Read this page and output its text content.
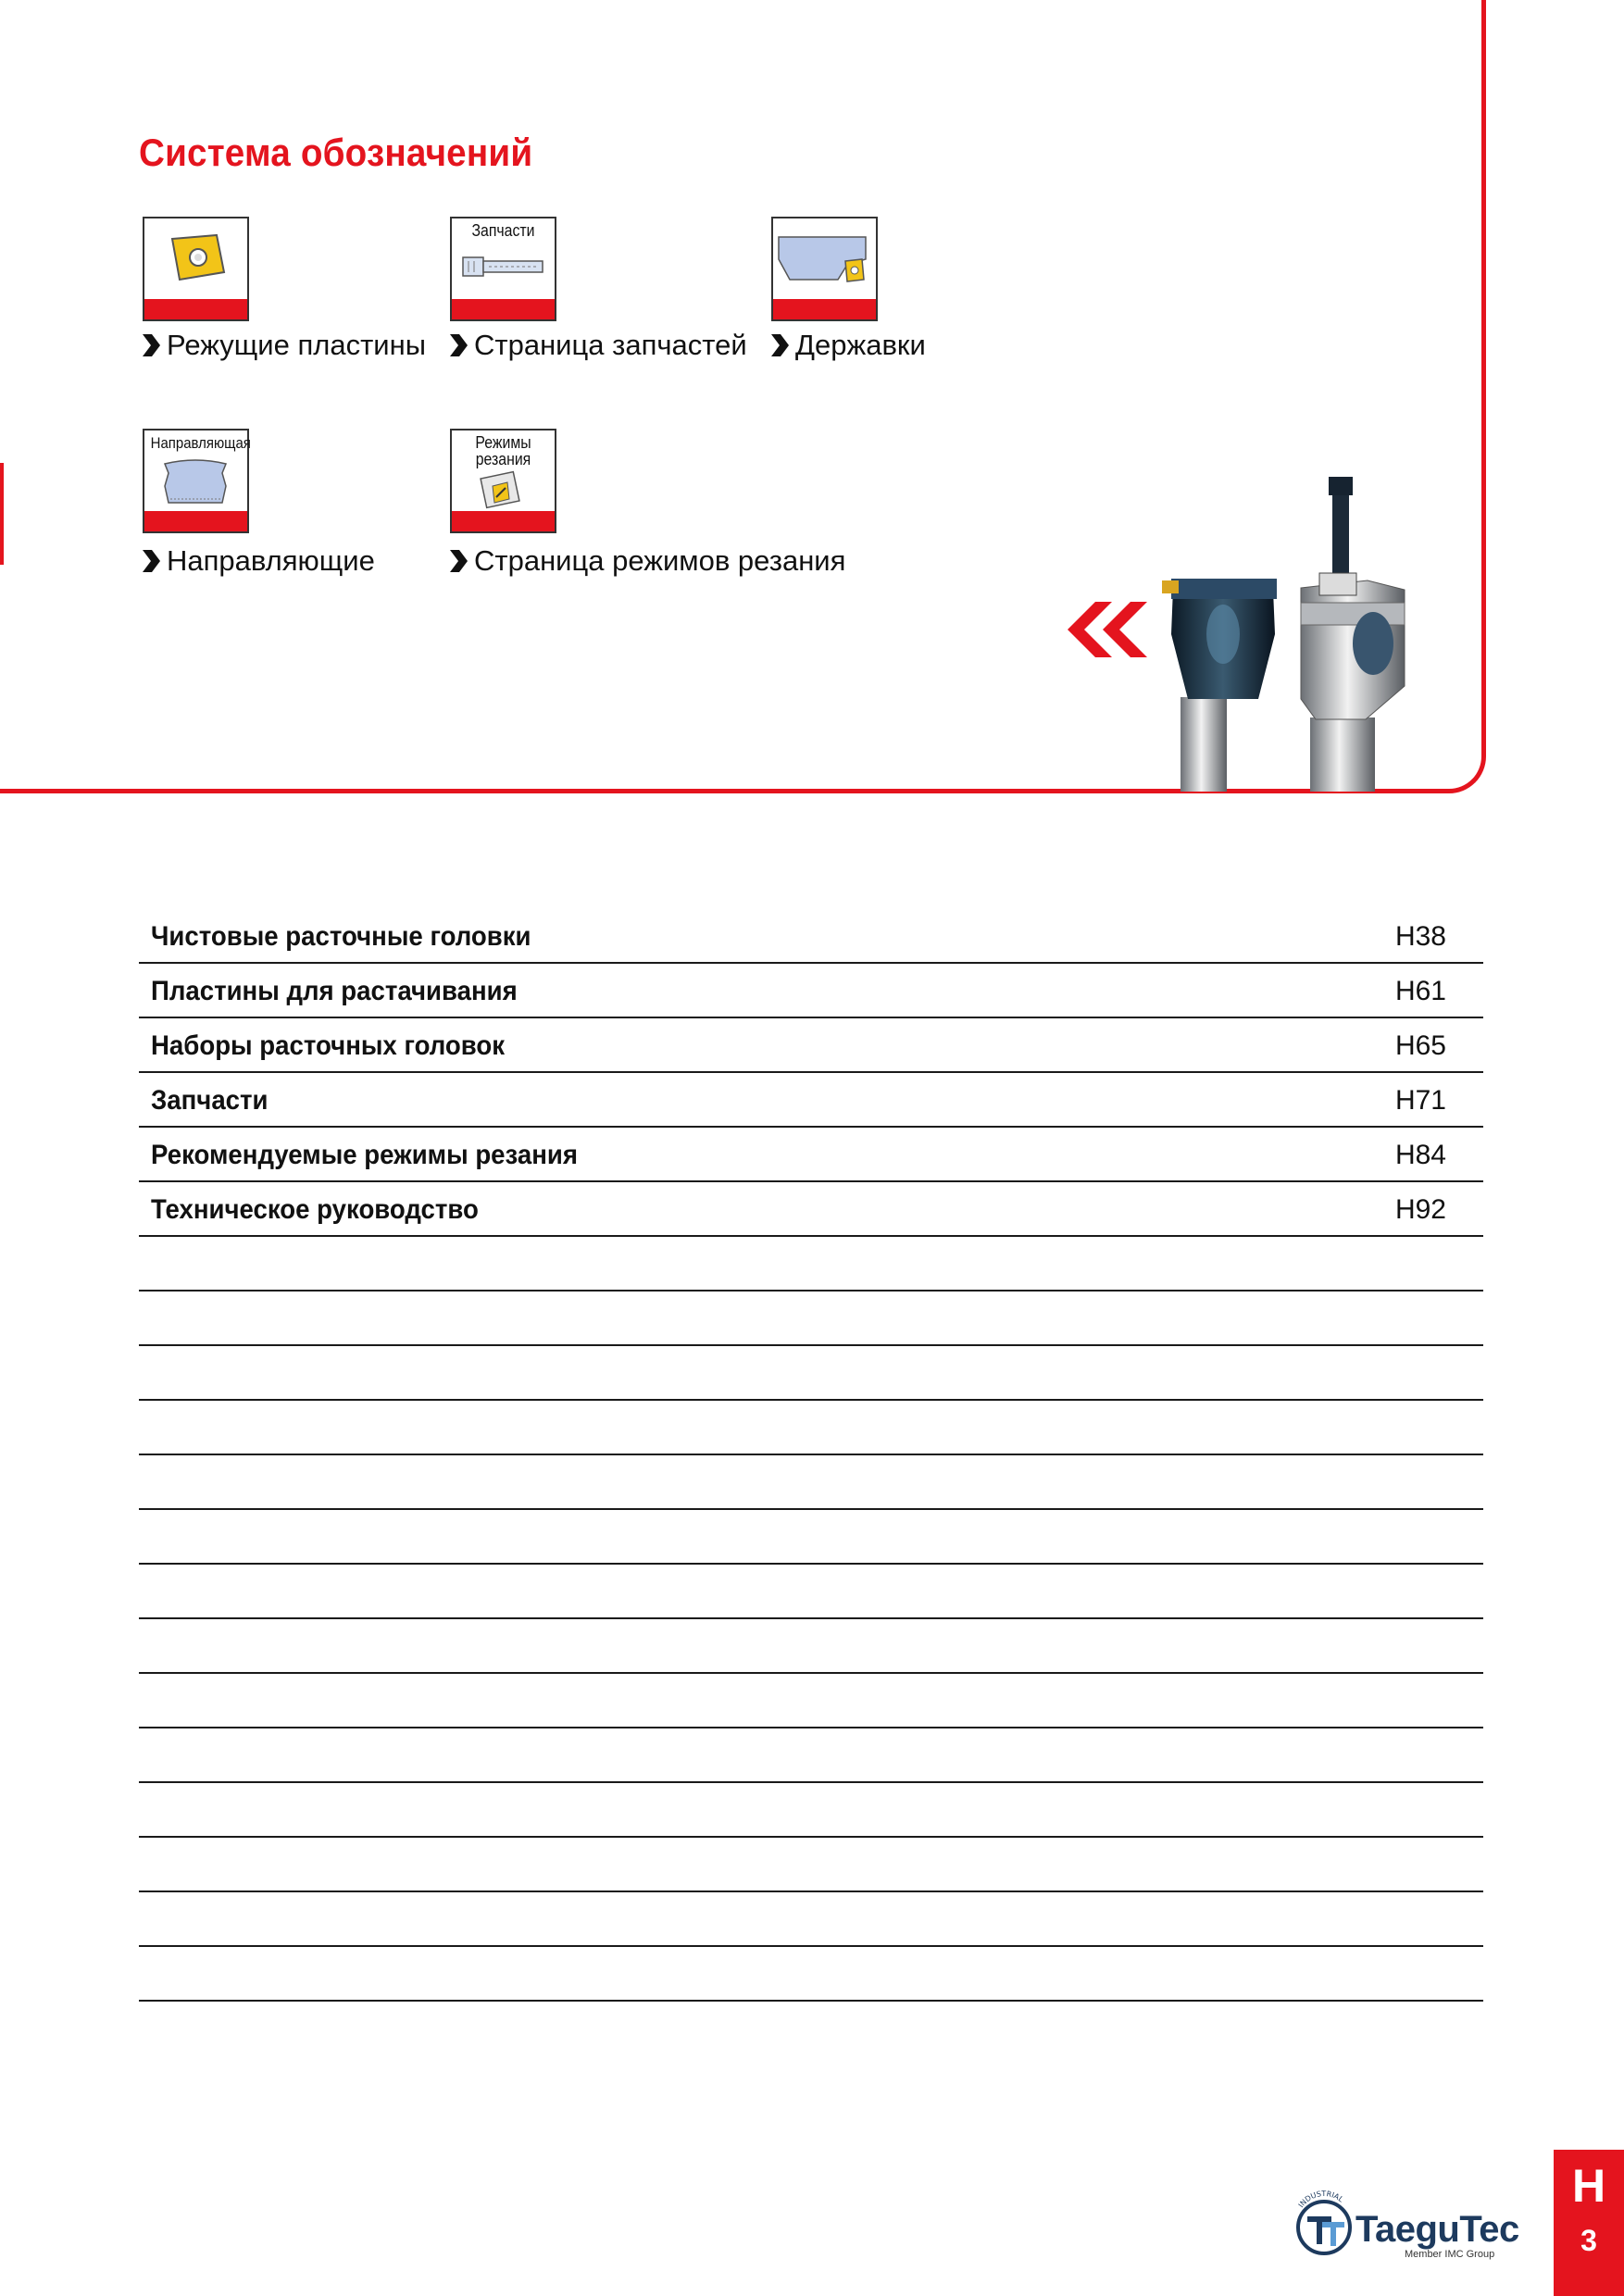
Система обозначений
Режущие пластины
Запчасти
Страница запчастей Державки
Направляющая
Направляющие
Режимы
резания
Страница режимов резания
Чистовые расточные головки	H38
Пластины для растачивания	H61
Наборы расточных головок	H65
Запчасти	H71
Рекомендуемые режимы резания	H84
Техническое руководство	H92
INDUSTRIAL
TaeguTec
Member IMC Group
H
3
